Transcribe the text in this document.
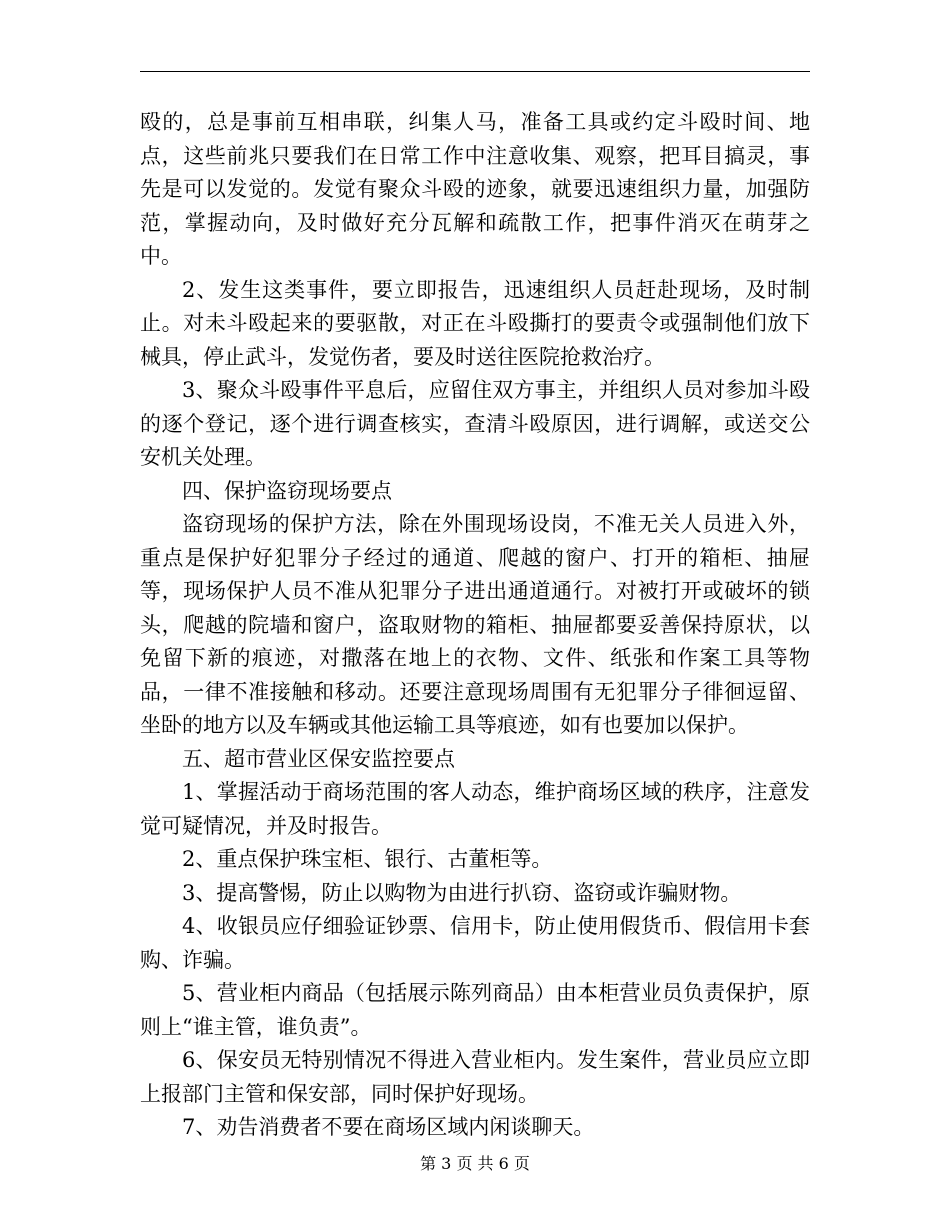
殴的，总是事前互相串联，纠集人马，准备工具或约定斗殴时间、地点，这些前兆只要我们在日常工作中注意收集、观察，把耳目搞灵，事先是可以发觉的。发觉有聚众斗殴的迹象，就要迅速组织力量，加强防范，掌握动向，及时做好充分瓦解和疏散工作，把事件消灭在萌芽之中。

2、发生这类事件，要立即报告，迅速组织人员赶赴现场，及时制止。对未斗殴起来的要驱散，对正在斗殴撕打的要责令或强制他们放下械具，停止武斗，发觉伤者，要及时送往医院抢救治疗。

3、聚众斗殴事件平息后，应留住双方事主，并组织人员对参加斗殴的逐个登记，逐个进行调查核实，查清斗殴原因，进行调解，或送交公安机关处理。

四、保护盗窃现场要点

盗窃现场的保护方法，除在外围现场设岗，不准无关人员进入外，重点是保护好犯罪分子经过的通道、爬越的窗户、打开的箱柜、抽屉等，现场保护人员不准从犯罪分子进出通道通行。对被打开或破坏的锁头，爬越的院墙和窗户，盗取财物的箱柜、抽屉都要妥善保持原状，以免留下新的痕迹，对撒落在地上的衣物、文件、纸张和作案工具等物品，一律不准接触和移动。还要注意现场周围有无犯罪分子徘徊逗留、坐卧的地方以及车辆或其他运输工具等痕迹，如有也要加以保护。

五、超市营业区保安监控要点

1、掌握活动于商场范围的客人动态，维护商场区域的秩序，注意发觉可疑情况，并及时报告。

2、重点保护珠宝柜、银行、古董柜等。

3、提高警惕，防止以购物为由进行扒窃、盗窃或诈骗财物。

4、收银员应仔细验证钞票、信用卡，防止使用假货币、假信用卡套购、诈骗。

5、营业柜内商品（包括展示陈列商品）由本柜营业员负责保护，原则上“谁主管，谁负责”。

6、保安员无特别情况不得进入营业柜内。发生案件，营业员应立即上报部门主管和保安部，同时保护好现场。

7、劝告消费者不要在商场区域内闲谈聊天。

第 3 页 共 6 页
